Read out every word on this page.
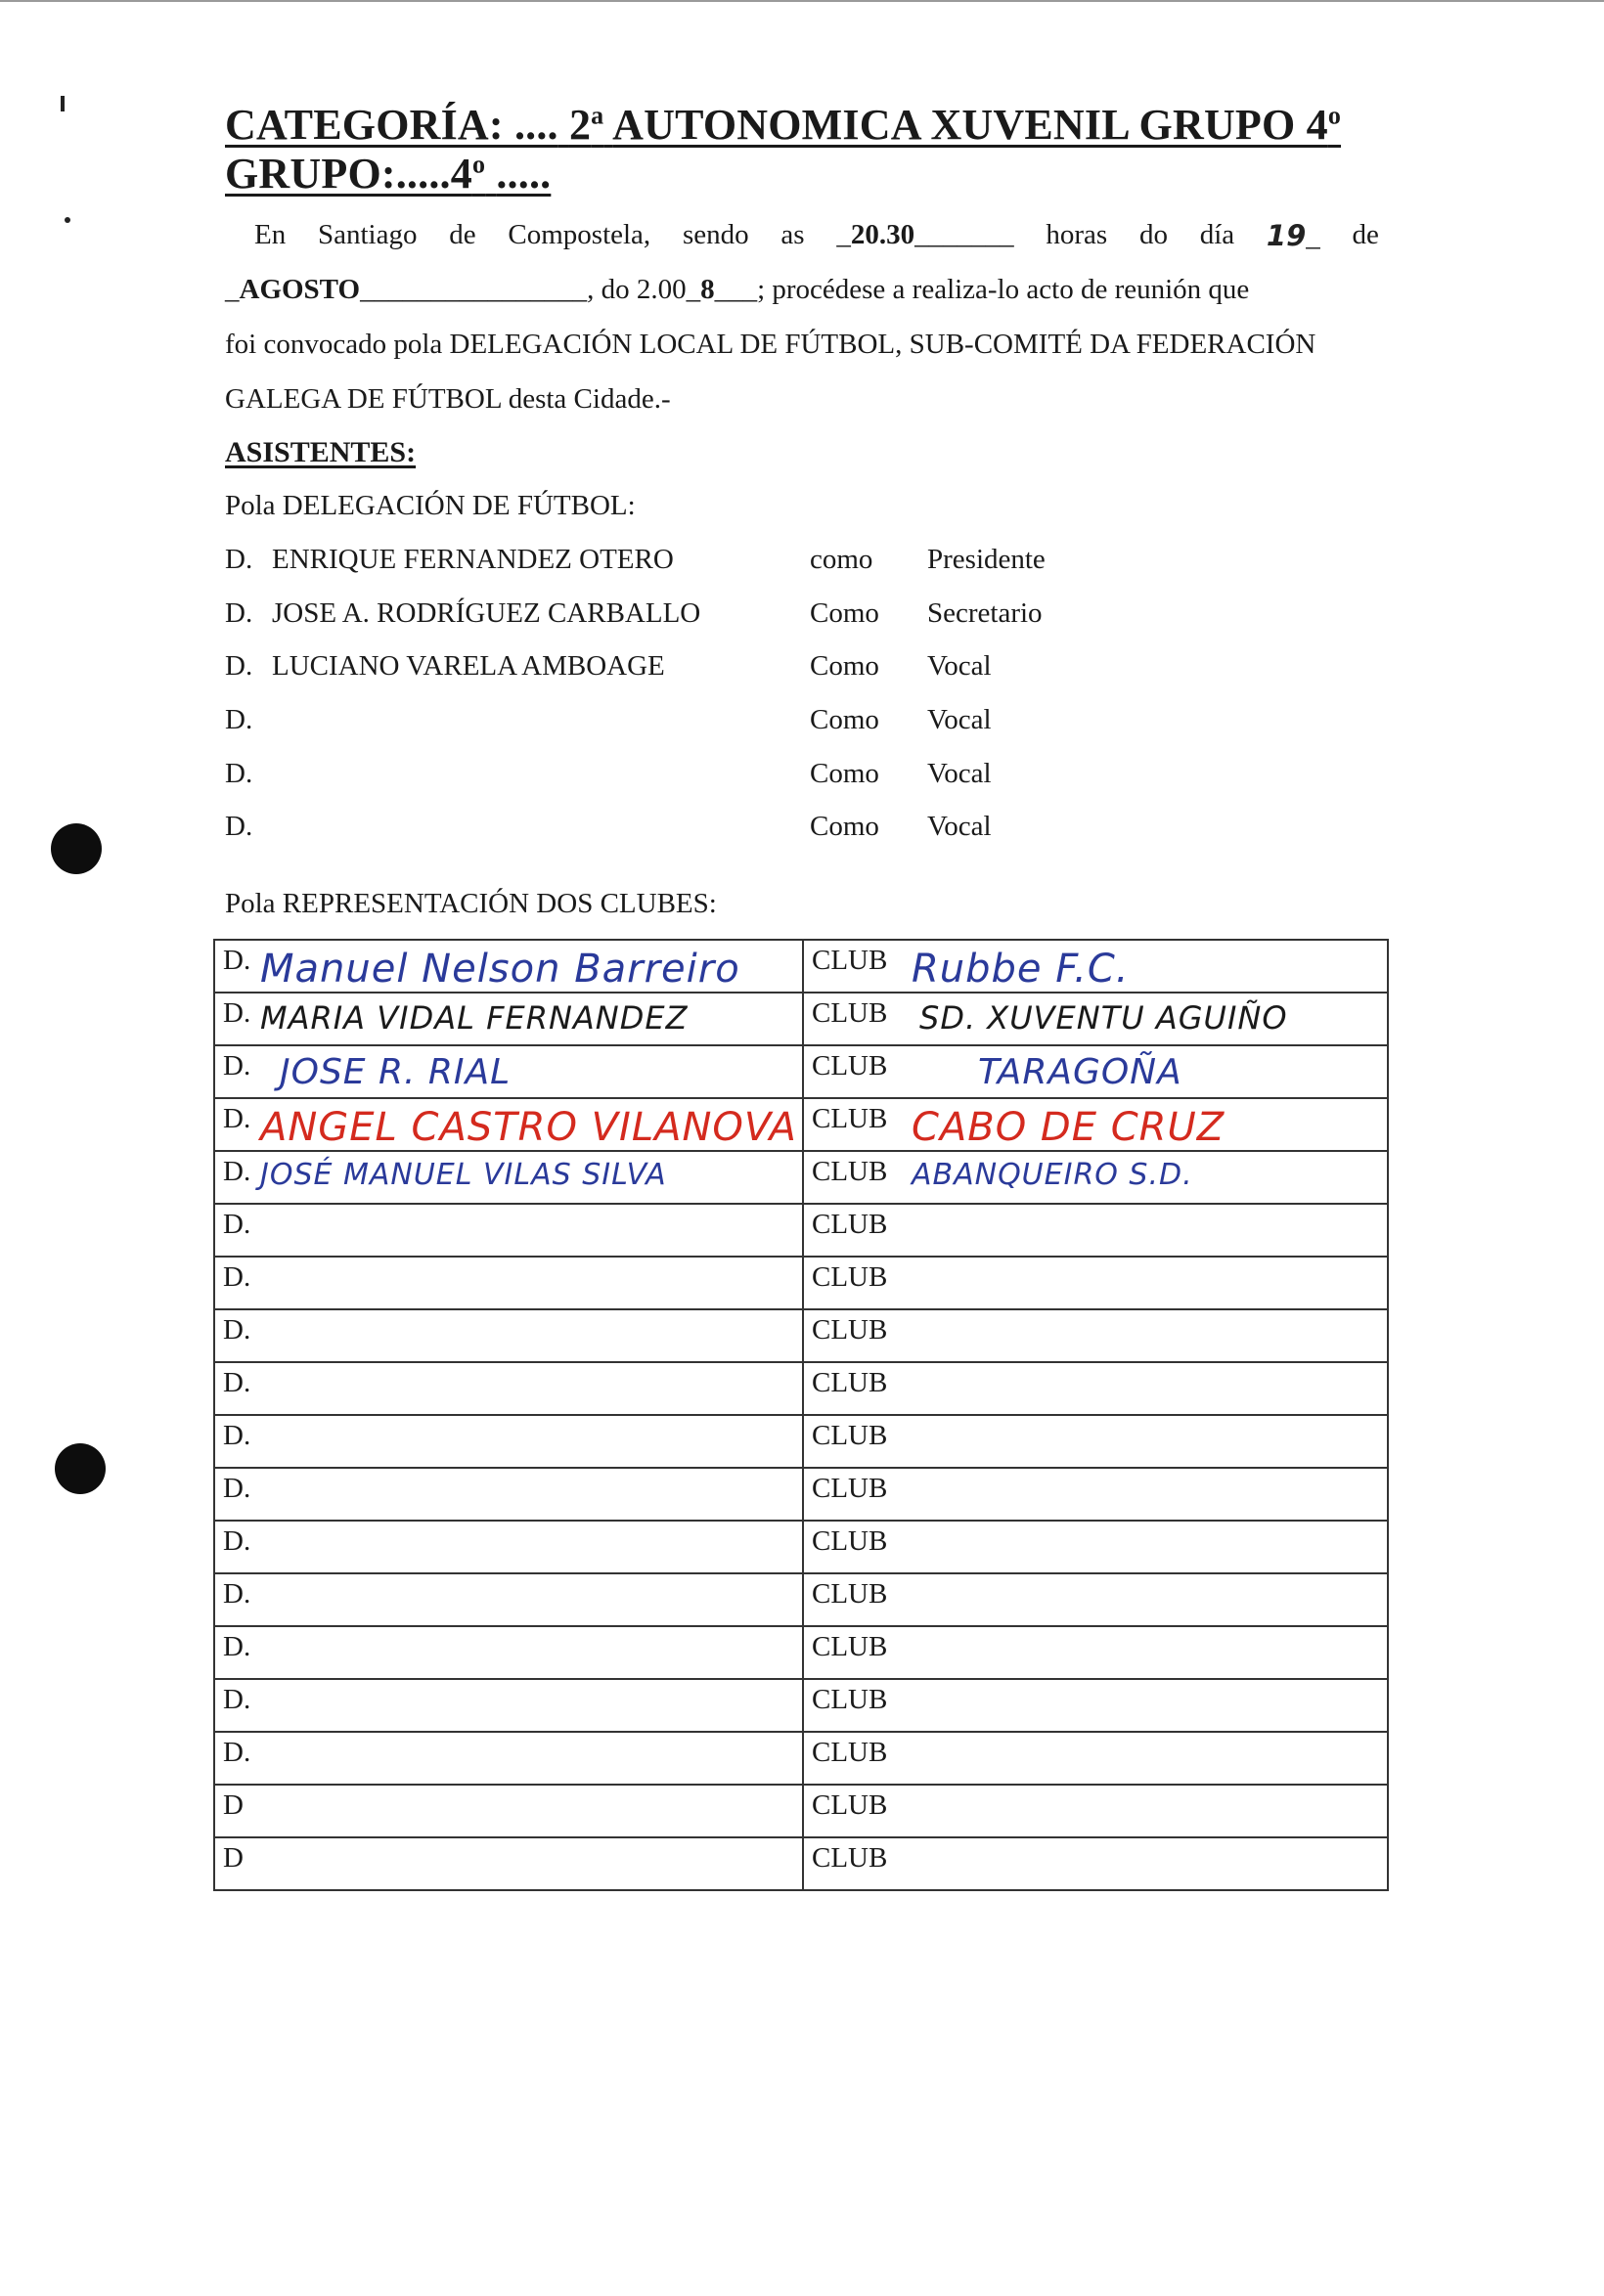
CATEGORÍA: .... 2$^a$ AUTONOMICA XUVENIL GRUPO 4$^o$
GRUPO:.....4$^o$ .....
En Santiago de Compostela, sendo as _20.30_______ horas do día 19_ de
_AGOSTO________________, do 2.00_8___; procédese a realiza-lo acto de reunión que
foi convocado pola DELEGACIÓN LOCAL DE FÚTBOL, SUB-COMITÉ DA FEDERACIÓN
GALEGA DE FÚTBOL desta Cidade.-
ASISTENTES:
Pola DELEGACIÓN DE FÚTBOL:
D. ENRIQUE FERNANDEZ OTERO	como Presidente
D. JOSE A. RODRÍGUEZ CARBALLO	Como Secretario
D. LUCIANO VARELA AMBOAGE	Como Vocal
D.	Como Vocal
D.	Como Vocal
D.	Como Vocal
Pola REPRESENTACIÓN DOS CLUBES:
D. Manuel Nelson Barreiro	CLUB Rubbe F.C.

D. MARIA VIDAL FERNANDEZ	CLUB SD. XUVENTU AGUIÑO

D. JOSE R. RIAL	CLUB TARAGOÑA

D. ANGEL CASTRO VILANOVA	CLUB CABO DE CRUZ

D. JOSÉ MANUEL VILAS SILVA	CLUB ABANQUEIRO S.D.

D.	CLUB
D.	CLUB
D.	CLUB
D.	CLUB
D.	CLUB
D.	CLUB
D.	CLUB
D.	CLUB
D.	CLUB
D.	CLUB
D.	CLUB
D	CLUB
D	CLUB
